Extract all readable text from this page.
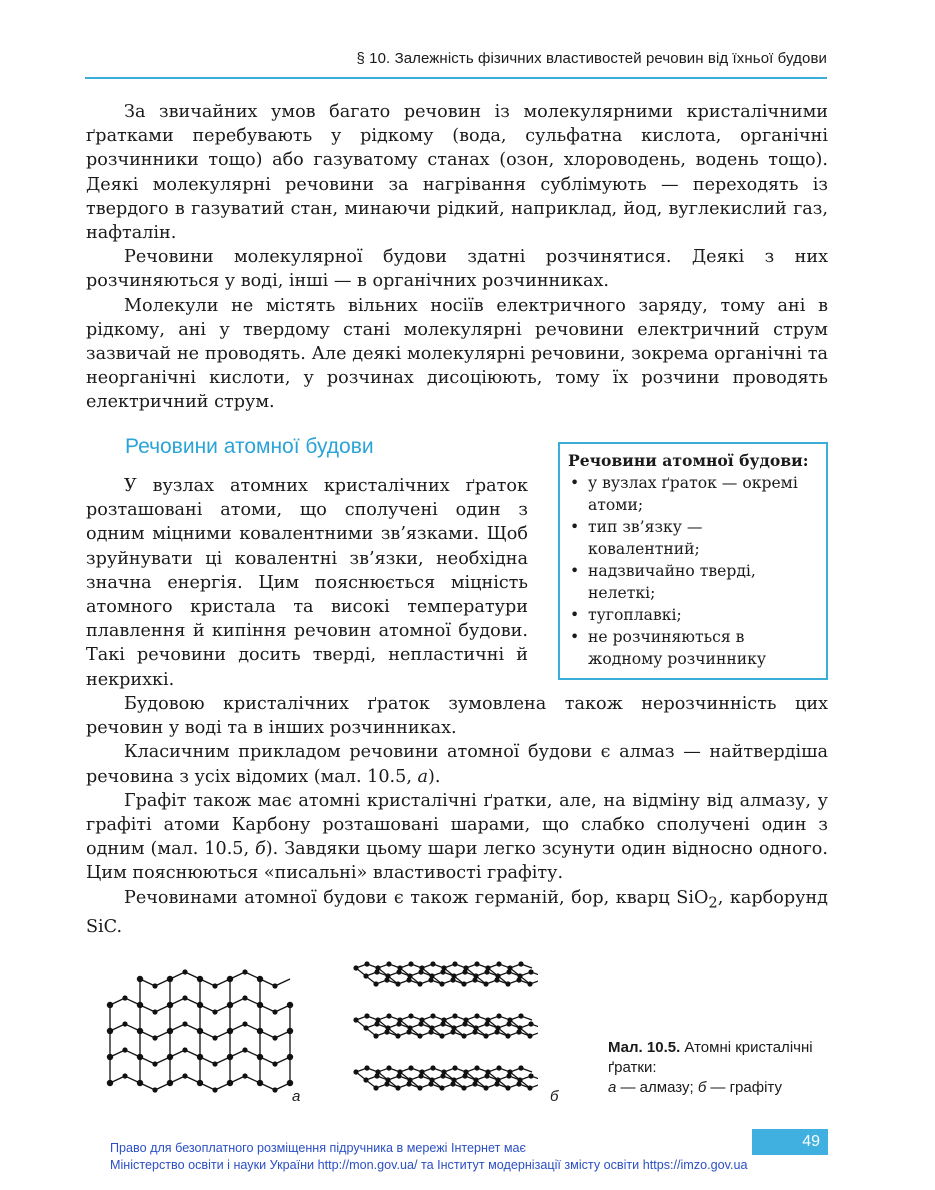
§ 10. Залежність фізичних властивостей речовин від їхньої будови

За звичайних умов багато речовин із молекулярними кристалічними ґратками перебувають у рідкому (вода, сульфатна кислота, органічні розчинники тощо) або газуватому станах (озон, хлороводень, водень тощо). Деякі молекулярні речовини за нагрівання сублімують — переходять із твердого в газуватий стан, минаючи рідкий, наприклад, йод, вуглекислий газ, нафталін.

Речовини молекулярної будови здатні розчинятися. Деякі з них розчиняються у воді, інші — в органічних розчинниках.

Молекули не містять вільних носіїв електричного заряду, тому ані в рідкому, ані у твердому стані молекулярні речовини електричний струм зазвичай не проводять. Але деякі молекулярні речовини, зокрема органічні та неорганічні кислоти, у розчинах дисоціюють, тому їх розчини проводять електричний струм.

Речовини атомної будови

У вузлах атомних кристалічних ґраток розташовані атоми, що сполучені один з одним міцними ковалентними зв’язками. Щоб зруйнувати ці ковалентні зв’язки, необхідна значна енергія. Цим пояснюється міцність атомного кристала та високі температури плавлення й кипіння речовин атомної будови. Такі речовини досить тверді, непластичні й некрихкі.

Речовини атомної будови:
• у вузлах ґраток — окремі атоми;
• тип зв’язку — ковалентний;
• надзвичайно тверді, нелеткі;
• тугоплавкі;
• не розчиняються в жодному розчиннику

Будовою кристалічних ґраток зумовлена також нерозчинність цих речовин у воді та в інших розчинниках.

Класичним прикладом речовини атомної будови є алмаз — найтвердіша речовина з усіх відомих (мал. 10.5, а).

Графіт також має атомні кристалічні ґратки, але, на відміну від алмазу, у графіті атоми Карбону розташовані шарами, що слабко сполучені один з одним (мал. 10.5, б). Завдяки цьому шари легко зсунути один відносно одного. Цим пояснюються «писальні» властивості графіту.

Речовинами атомної будови є також германій, бор, кварц SiO$_2$, карборунд SiC.

а	б
Мал. 10.5. Атомні кристалічні ґратки:
а — алмазу; б — графіту
49
Право для безоплатного розміщення підручника в мережі Інтернет має
Міністерство освіти і науки України http://mon.gov.ua/ та Інститут модернізації змісту освіти https://imzo.gov.ua
